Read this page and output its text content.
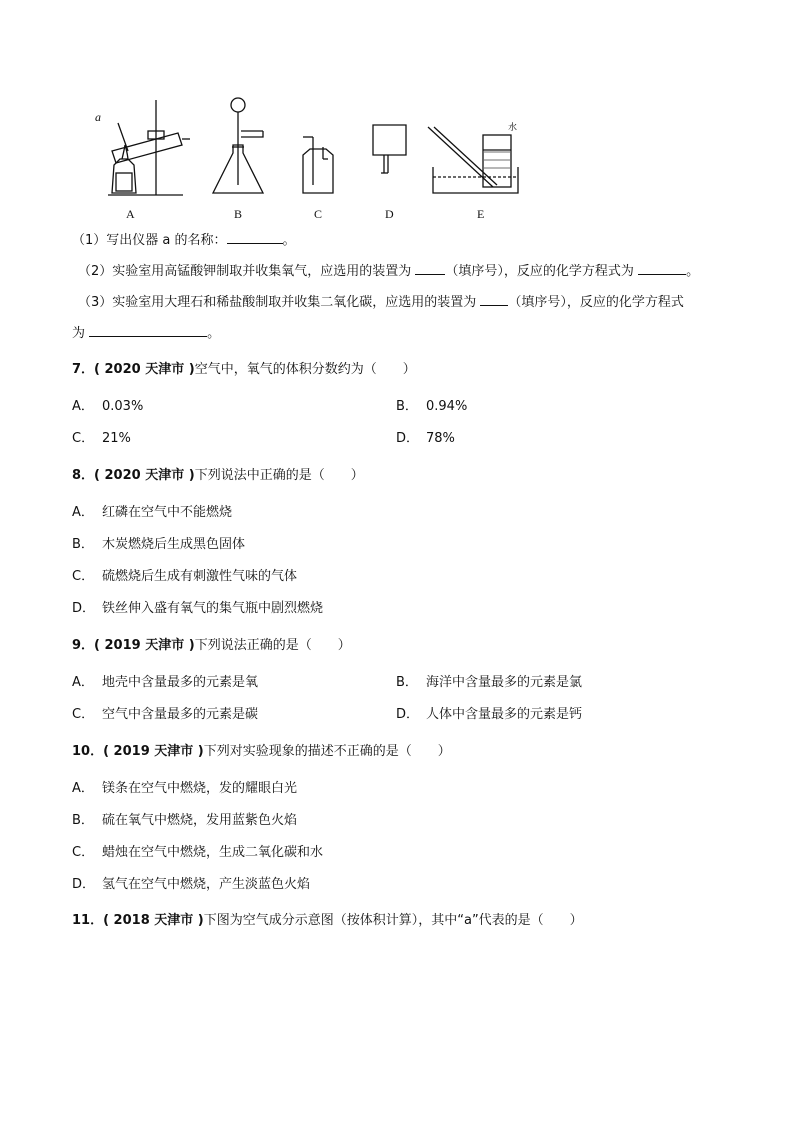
a
水
A	B	C	D	E
（1）写出仪器 a 的名称：	。
（2）实验室用高锰酸钾制取并收集氧气，应选用的装置为	（填序号），反应的化学方程式为	。
（3）实验室用大理石和稀盐酸制取并收集二氧化碳，应选用的装置为 （填序号），反应的化学方程式
为	。
7．( 2020 天津市 )空气中，氧气的体积分数约为（　　）
A． 0.03%	B． 0.94%
C． 21%	D． 78%
8．( 2020 天津市 )下列说法中正确的是（　　）
A． 红磷在空气中不能燃烧
B． 木炭燃烧后生成黑色固体
C． 硫燃烧后生成有刺激性气味的气体
D． 铁丝伸入盛有氧气的集气瓶中剧烈燃烧
9．( 2019 天津市 )下列说法正确的是（　　）
A． 地壳中含量最多的元素是氧	B． 海洋中含量最多的元素是氯
C． 空气中含量最多的元素是碳	D． 人体中含量最多的元素是钙
10．( 2019 天津市 )下列对实验现象的描述不正确的是（　　）
A． 镁条在空气中燃烧，发的耀眼白光
B． 硫在氧气中燃烧，发用蓝紫色火焰
C． 蜡烛在空气中燃烧，生成二氧化碳和水
D． 氢气在空气中燃烧，产生淡蓝色火焰
11．( 2018 天津市 )下图为空气成分示意图（按体积计算），其中“a”代表的是（　　）
